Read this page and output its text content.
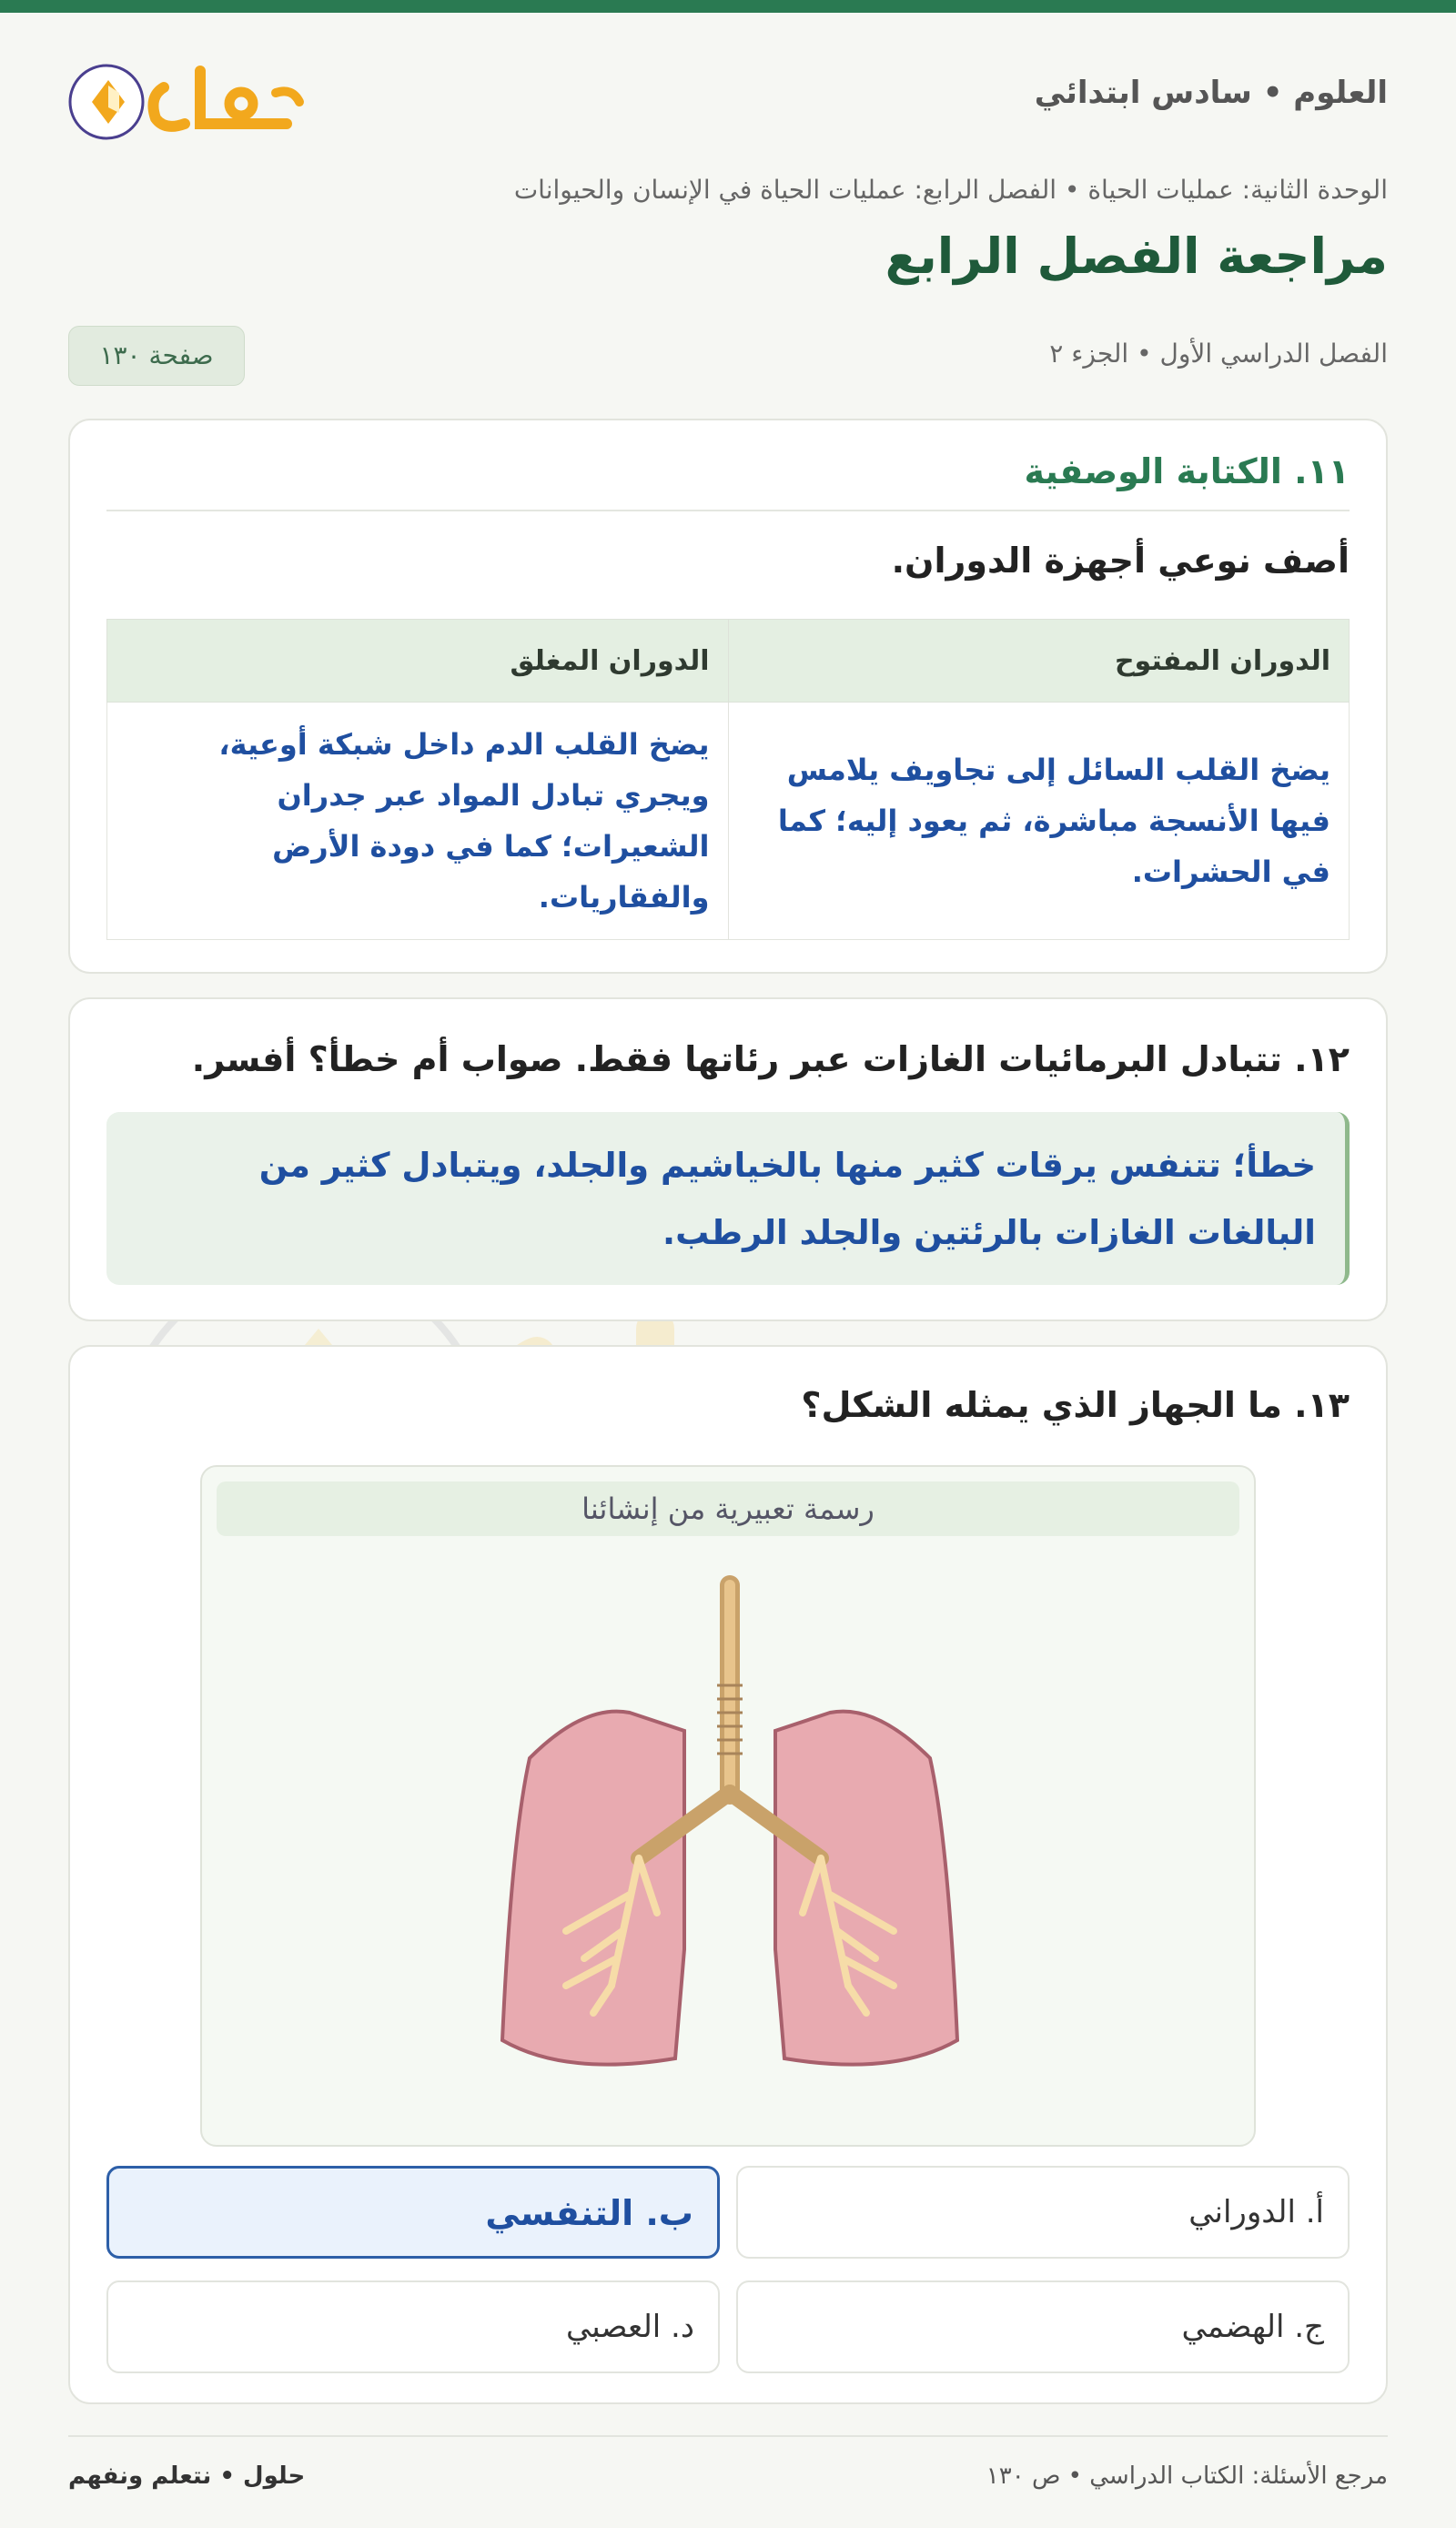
العلوم • سادس ابتدائي
الوحدة الثانية: عمليات الحياة • الفصل الرابع: عمليات الحياة في الإنسان والحيوانات
مراجعة الفصل الرابع
الفصل الدراسي الأول • الجزء ٢
صفحة ١٣٠
١١. الكتابة الوصفية
أصف نوعي أجهزة الدوران.
الدوران المفتوح	الدوران المغلق
يضخ القلب السائل إلى تجاويف يلامس فيها الأنسجة مباشرة، ثم يعود إليه؛ كما في الحشرات.	يضخ القلب الدم داخل شبكة أوعية، ويجري تبادل المواد عبر جدران الشعيرات؛ كما في دودة الأرض والفقاريات.
١٢. تتبادل البرمائيات الغازات عبر رئاتها فقط. صواب أم خطأ؟ أفسر.
خطأ؛ تتنفس يرقات كثير منها بالخياشيم والجلد، ويتبادل كثير من البالغات الغازات بالرئتين والجلد الرطب.
١٣. ما الجهاز الذي يمثله الشكل؟
رسمة تعبيرية من إنشائنا
أ. الدوراني
ب. التنفسي
ج. الهضمي
د. العصبي
مرجع الأسئلة: الكتاب الدراسي • ص ١٣٠
حلول • نتعلم ونفهم
